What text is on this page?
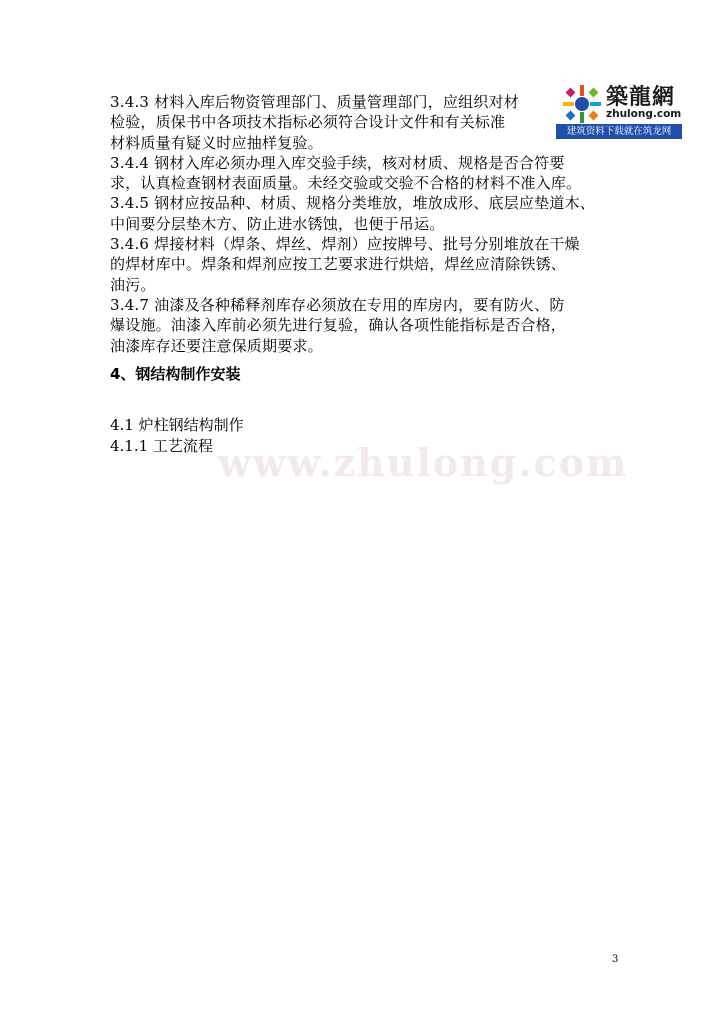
www.zhulong.com
3.4.3 材料入库后物资管理部门、质量管理部门，应组织对材
检验，质保书中各项技术指标必须符合设计文件和有关标准
材料质量有疑义时应抽样复验。
3.4.4 钢材入库必须办理入库交验手续，核对材质、规格是否合符要
求，认真检查钢材表面质量。未经交验或交验不合格的材料不准入库。
3.4.5 钢材应按品种、材质、规格分类堆放，堆放成形、底层应垫道木、
中间要分层垫木方、防止进水锈蚀，也便于吊运。
3.4.6 焊接材料（焊条、焊丝、焊剂）应按牌号、批号分别堆放在干燥
的焊材库中。焊条和焊剂应按工艺要求进行烘焙，焊丝应清除铁锈、
油污。
3.4.7 油漆及各种稀释剂库存必须放在专用的库房内，要有防火、防
爆设施。油漆入库前必须先进行复验，确认各项性能指标是否合格，
油漆库存还要注意保质期要求。
4、钢结构制作安装
4.1 炉柱钢结构制作
4.1.1 工艺流程
築龍網
zhulong.com
建筑资料下载就在筑龙网
3
